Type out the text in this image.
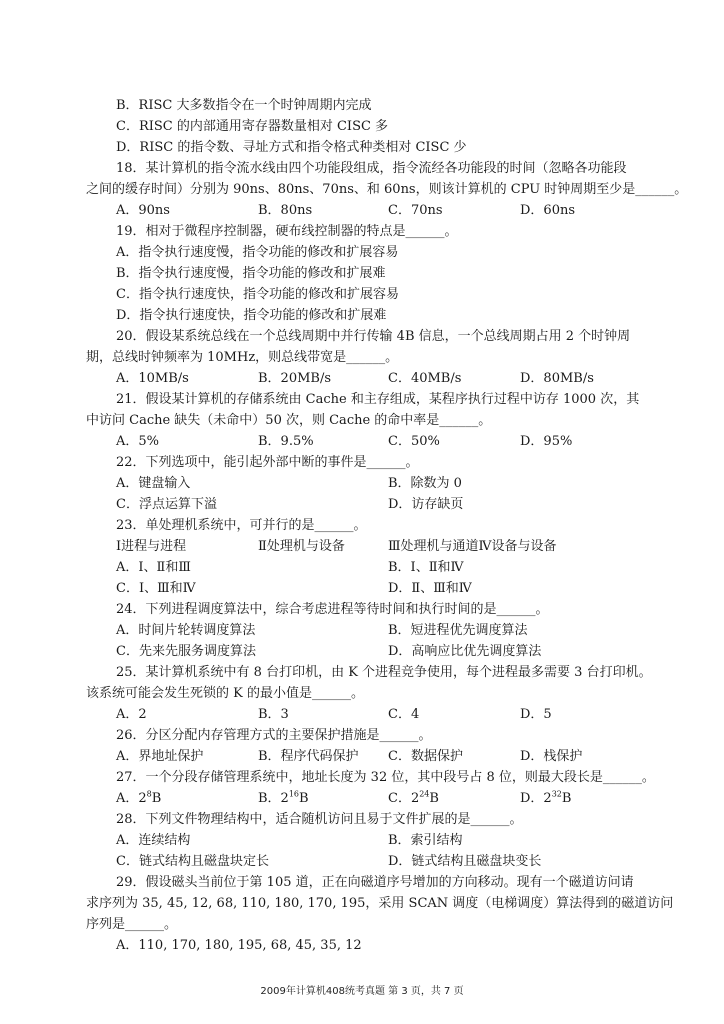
B．RISC 大多数指令在一个时钟周期内完成
C．RISC 的内部通用寄存器数量相对 CISC 多
D．RISC 的指令数、寻址方式和指令格式种类相对 CISC 少
18．某计算机的指令流水线由四个功能段组成，指令流经各功能段的时间（忽略各功能段
之间的缓存时间）分别为 90ns、80ns、70ns、和 60ns，则该计算机的 CPU 时钟周期至少是______。
A．90ns	B．80ns	C．70ns	D．60ns
19．相对于微程序控制器，硬布线控制器的特点是______。
A．指令执行速度慢，指令功能的修改和扩展容易
B．指令执行速度慢，指令功能的修改和扩展难
C．指令执行速度快，指令功能的修改和扩展容易
D．指令执行速度快，指令功能的修改和扩展难
20．假设某系统总线在一个总线周期中并行传输 4B 信息，一个总线周期占用 2 个时钟周
期，总线时钟频率为 10MHz，则总线带宽是______。
A．10MB/s	B．20MB/s	C．40MB/s	D．80MB/s
21．假设某计算机的存储系统由 Cache 和主存组成，某程序执行过程中访存 1000 次，其
中访问 Cache 缺失（未命中）50 次，则 Cache 的命中率是______。
A．5%	B．9.5%	C．50%	D．95%
22．下列选项中，能引起外部中断的事件是______。
A．键盘输入	B．除数为 0
C．浮点运算下溢	D．访存缺页
23．单处理机系统中，可并行的是______。
Ⅰ进程与进程	Ⅱ处理机与设备	Ⅲ处理机与通道Ⅳ设备与设备
A．Ⅰ、Ⅱ和Ⅲ	B．Ⅰ、Ⅱ和Ⅳ
C．Ⅰ、Ⅲ和Ⅳ	D．Ⅱ、Ⅲ和Ⅳ
24．下列进程调度算法中，综合考虑进程等待时间和执行时间的是______。
A．时间片轮转调度算法	B．短进程优先调度算法
C．先来先服务调度算法	D．高响应比优先调度算法
25．某计算机系统中有 8 台打印机，由 K 个进程竞争使用，每个进程最多需要 3 台打印机。
该系统可能会发生死锁的 K 的最小值是______。
A．2	B．3	C．4	D．5
26．分区分配内存管理方式的主要保护措施是______。
A．界地址保护	B．程序代码保护 C．数据保护	D．栈保护
27．一个分段存储管理系统中，地址长度为 32 位，其中段号占 8 位，则最大段长是______。
A．$2^8B$	B．$2^{16}B$	C．$2^{24}B$	D．$2^{32}B$
28．下列文件物理结构中，适合随机访问且易于文件扩展的是______。
A．连续结构	B．索引结构
C．链式结构且磁盘块定长	D．链式结构且磁盘块变长
29．假设磁头当前位于第 105 道，正在向磁道序号增加的方向移动。现有一个磁道访问请
求序列为 35, 45, 12, 68, 110, 180, 170, 195，采用 SCAN 调度（电梯调度）算法得到的磁道访问
序列是______。
A．110, 170, 180, 195, 68, 45, 35, 12
2009年计算机408统考真题 第 3 页，共 7 页
